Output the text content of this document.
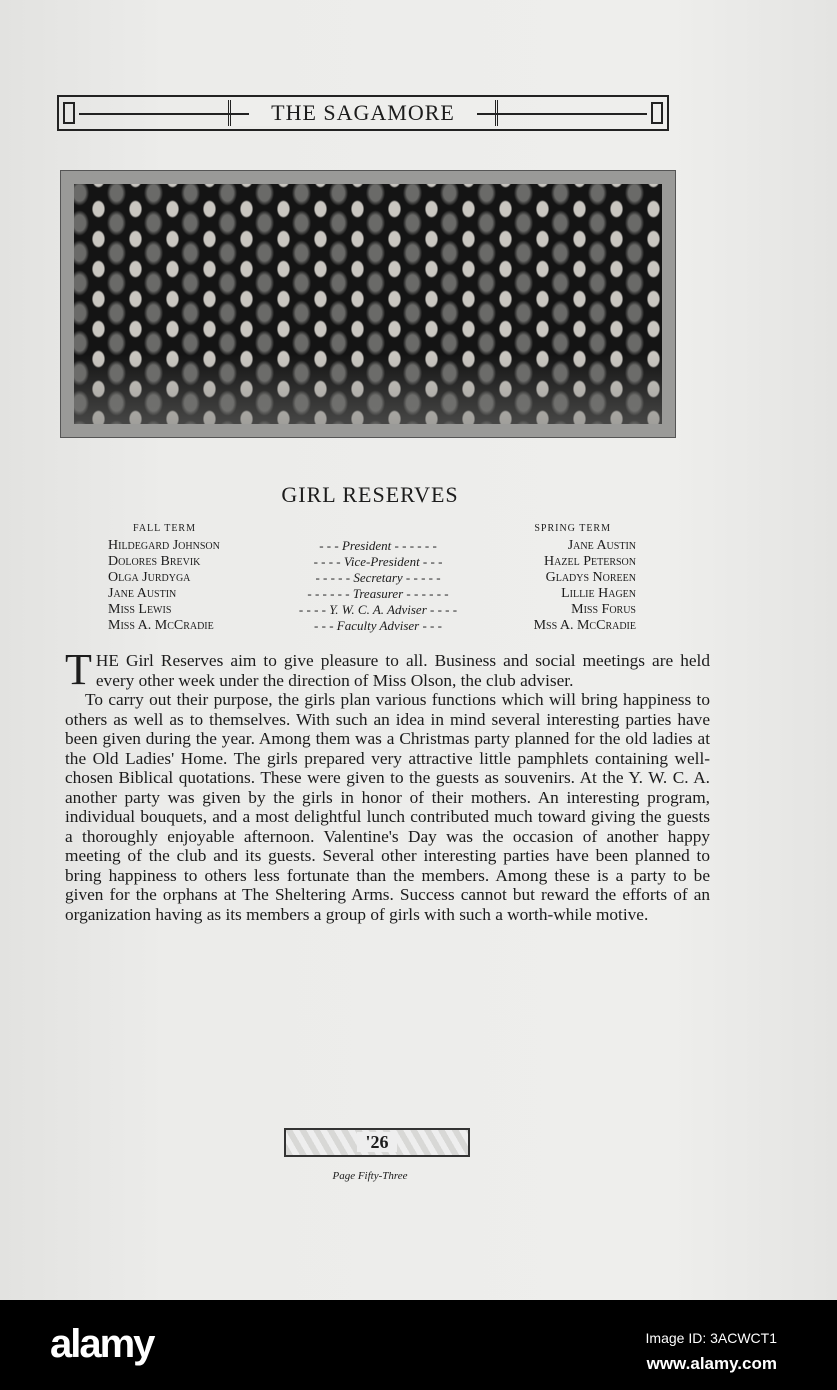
THE SAGAMORE
GIRL RESERVES
FALL TERM	SPRING TERM
Hildegard Johnson	- - - President - - - - - -	Jane Austin
Dolores Brevik	- - - - Vice-President - - -	Hazel Peterson
Olga Jurdyga	- - - - - Secretary - - - - -	Gladys Noreen
Jane Austin	- - - - - - Treasurer - - - - - -	Lillie Hagen
Miss Lewis	- - - - Y. W. C. A. Adviser - - - -	Miss Forus
Miss A. McCradie	- - - Faculty Adviser - - -	Mss A. McCradie

THE Girl Reserves aim to give pleasure to all. Business and social meetings are held every other week under the direction of Miss Olson, the club adviser.

To carry out their purpose, the girls plan various functions which will bring happiness to others as well as to themselves. With such an idea in mind several interesting parties have been given during the year. Among them was a Christmas party planned for the old ladies at the Old Ladies' Home. The girls prepared very attractive little pamphlets containing well-chosen Biblical quotations. These were given to the guests as souvenirs. At the Y. W. C. A. another party was given by the girls in honor of their mothers. An interesting program, individual bouquets, and a most delightful lunch contributed much toward giving the guests a thoroughly enjoyable afternoon. Valentine's Day was the occasion of another happy meeting of the club and its guests. Several other interesting parties have been planned to bring happiness to others less fortunate than the members. Among these is a party to be given for the orphans at The Sheltering Arms. Success cannot but reward the efforts of an organization having as its members a group of girls with such a worth-while motive.

'26
Page Fifty-Three
alamy	Image ID: 3ACWCT1
www.alamy.com
